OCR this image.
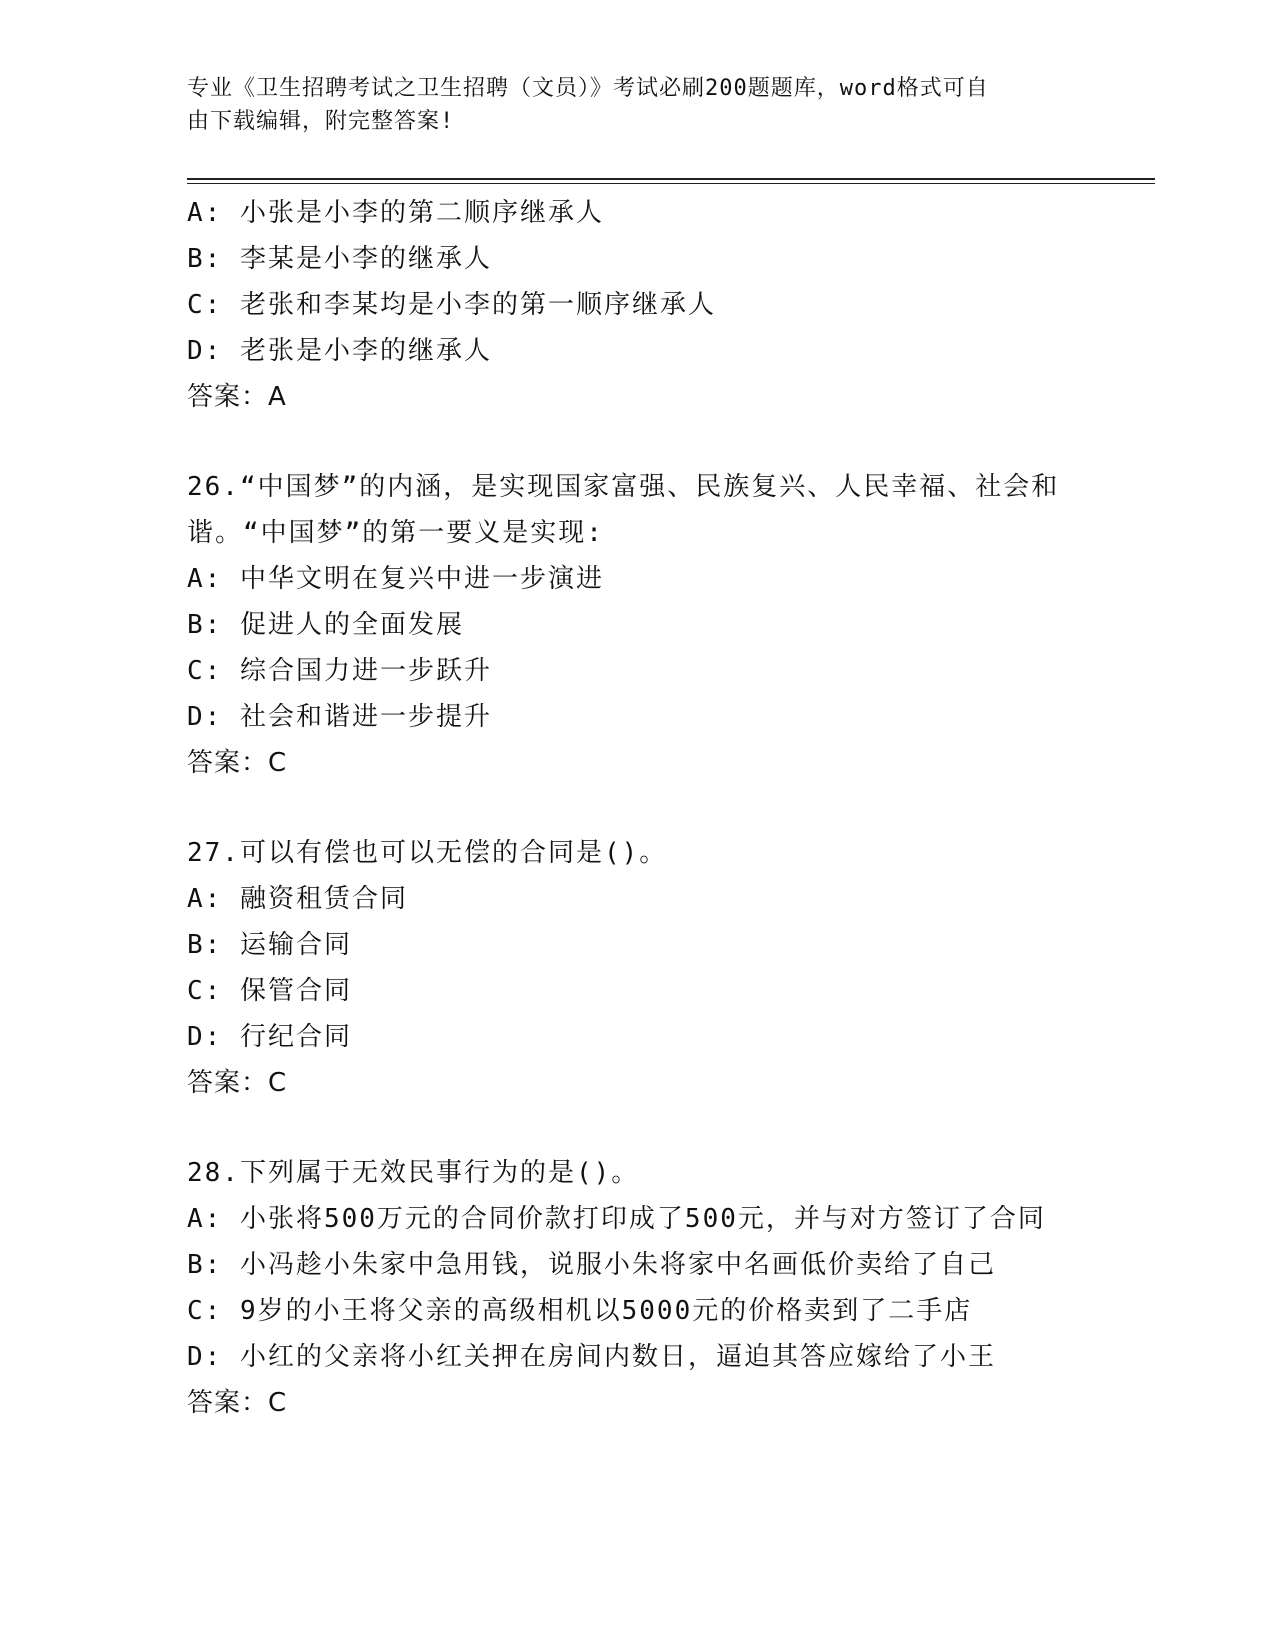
专业《卫生招聘考试之卫生招聘（文员）》考试必刷200题题库，word格式可自
由下载编辑，附完整答案!
A: 小张是小李的第二顺序继承人
B: 李某是小李的继承人
C: 老张和李某均是小李的第一顺序继承人
D: 老张是小李的继承人
答案：A
26.“中国梦”的内涵，是实现国家富强、民族复兴、人民幸福、社会和谐。“中国梦”的第一要义是实现:
A: 中华文明在复兴中进一步演进
B: 促进人的全面发展
C: 综合国力进一步跃升
D: 社会和谐进一步提升
答案：C
27.可以有偿也可以无偿的合同是()。
A: 融资租赁合同
B: 运输合同
C: 保管合同
D: 行纪合同
答案：C
28.下列属于无效民事行为的是()。
A: 小张将500万元的合同价款打印成了500元，并与对方签订了合同
B: 小冯趁小朱家中急用钱，说服小朱将家中名画低价卖给了自己
C: 9岁的小王将父亲的高级相机以5000元的价格卖到了二手店
D: 小红的父亲将小红关押在房间内数日，逼迫其答应嫁给了小王
答案：C
